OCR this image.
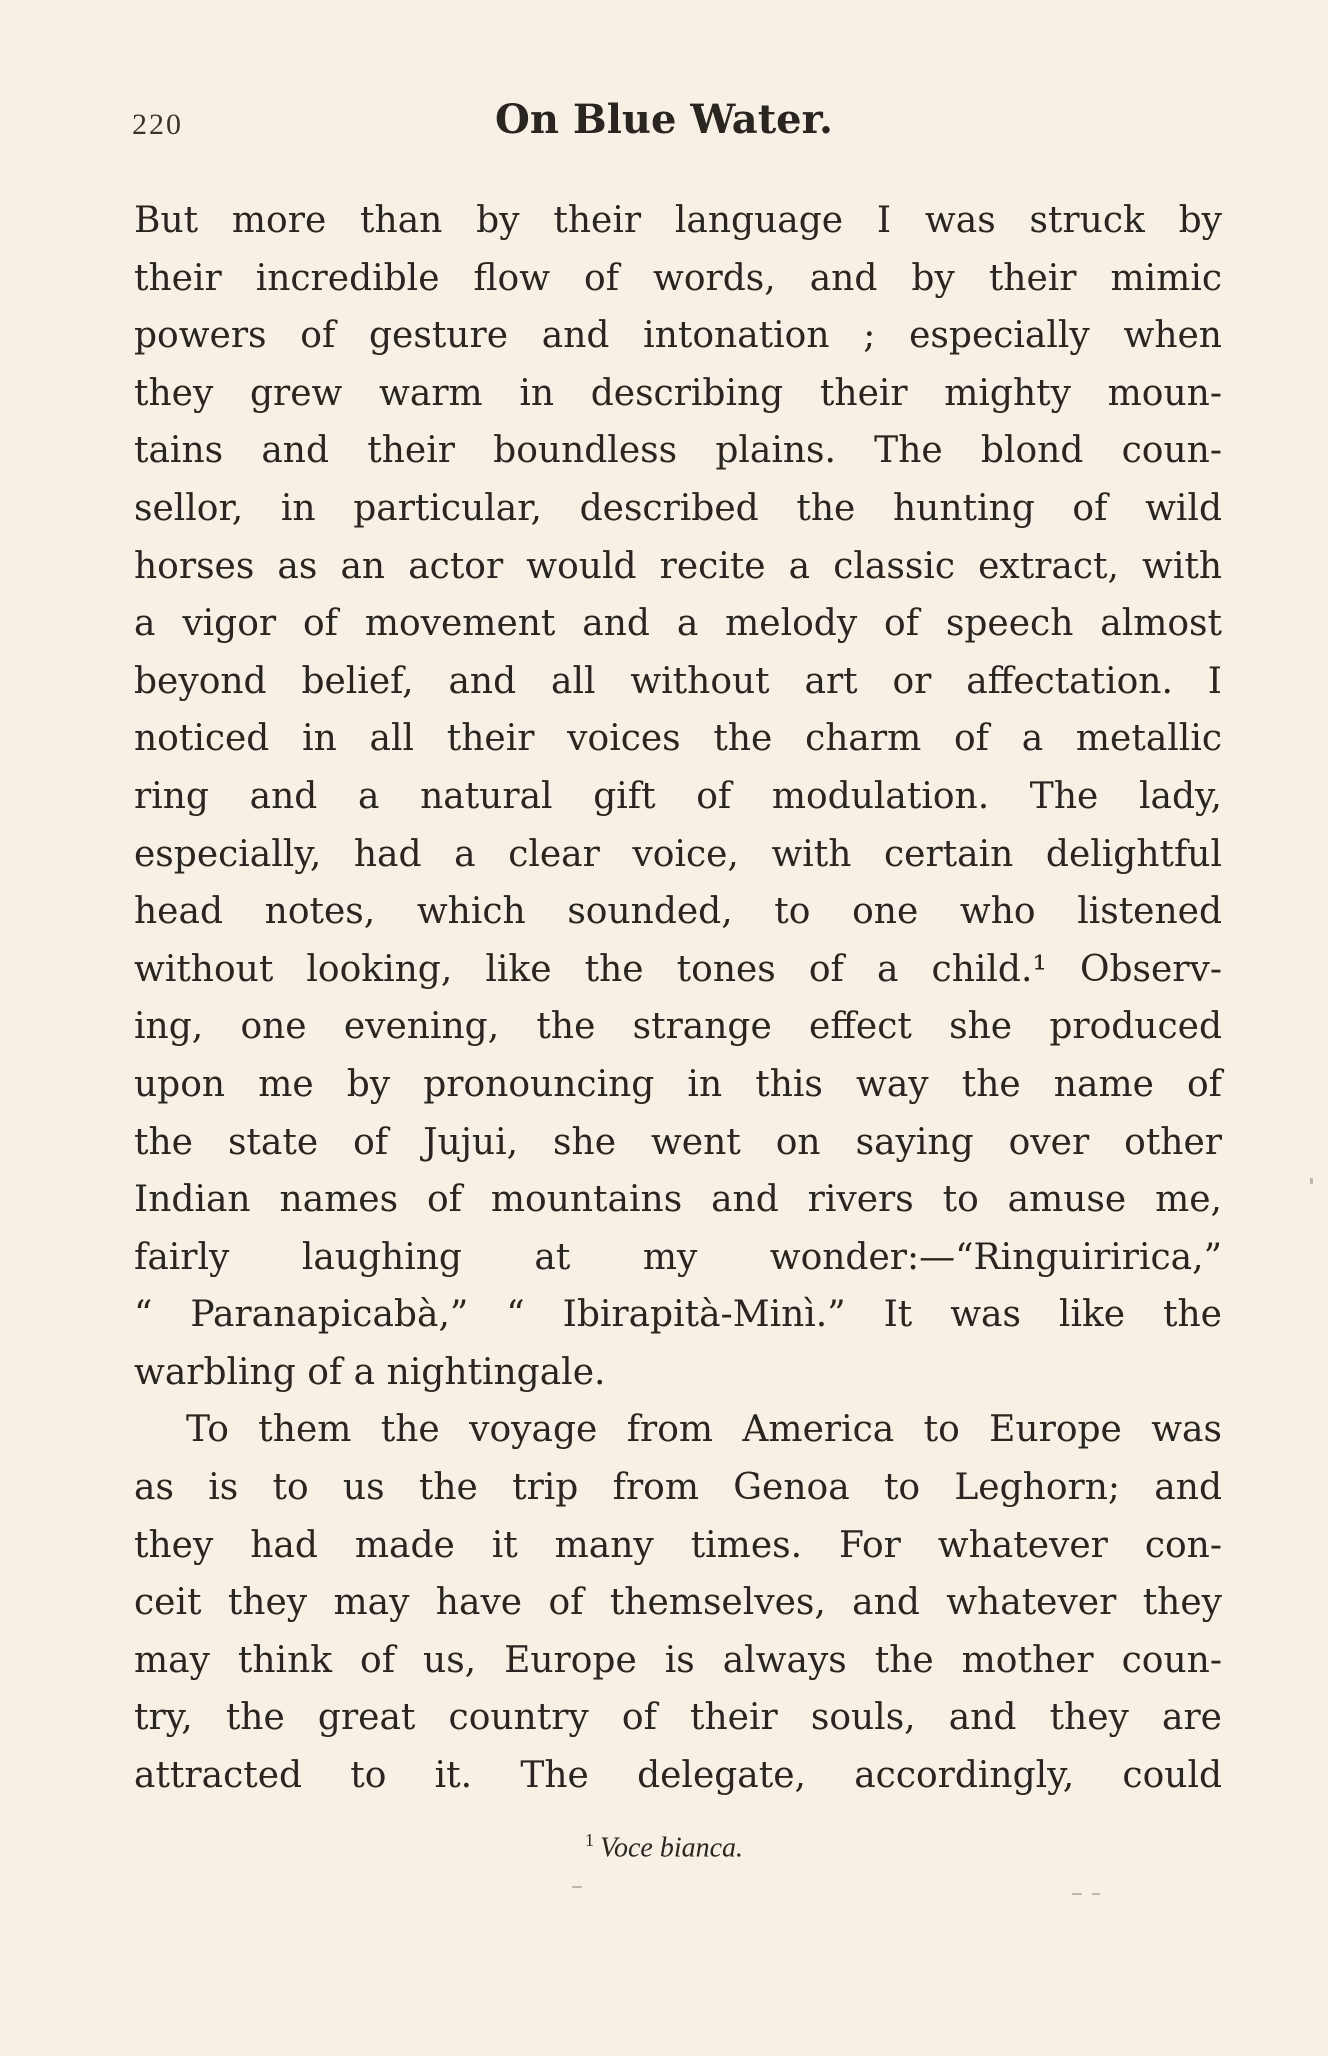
220	On Blue Water.
But more than by their language I was struck by
their incredible flow of words, and by their mimic
powers of gesture and intonation ; especially when
they grew warm in describing their mighty moun-
tains and their boundless plains. The blond coun-
sellor, in particular, described the hunting of wild
horses as an actor would recite a classic extract, with
a vigor of movement and a melody of speech almost
beyond belief, and all without art or affectation. I
noticed in all their voices the charm of a metallic
ring and a natural gift of modulation. The lady,
especially, had a clear voice, with certain delightful
head notes, which sounded, to one who listened
without looking, like the tones of a child.¹ Observ-
ing, one evening, the strange effect she produced
upon me by pronouncing in this way the name of
the state of Jujui, she went on saying over other
Indian names of mountains and rivers to amuse me,
fairly laughing at my wonder:—“Ringuiririca,”
“ Paranapicabà,” “ Ibirapità-Minì.” It was like the
warbling of a nightingale.
To them the voyage from America to Europe was
as is to us the trip from Genoa to Leghorn; and
they had made it many times. For whatever con-
ceit they may have of themselves, and whatever they
may think of us, Europe is always the mother coun-
try, the great country of their souls, and they are
attracted to it. The delegate, accordingly, could
$^1$ Voce bianca.
